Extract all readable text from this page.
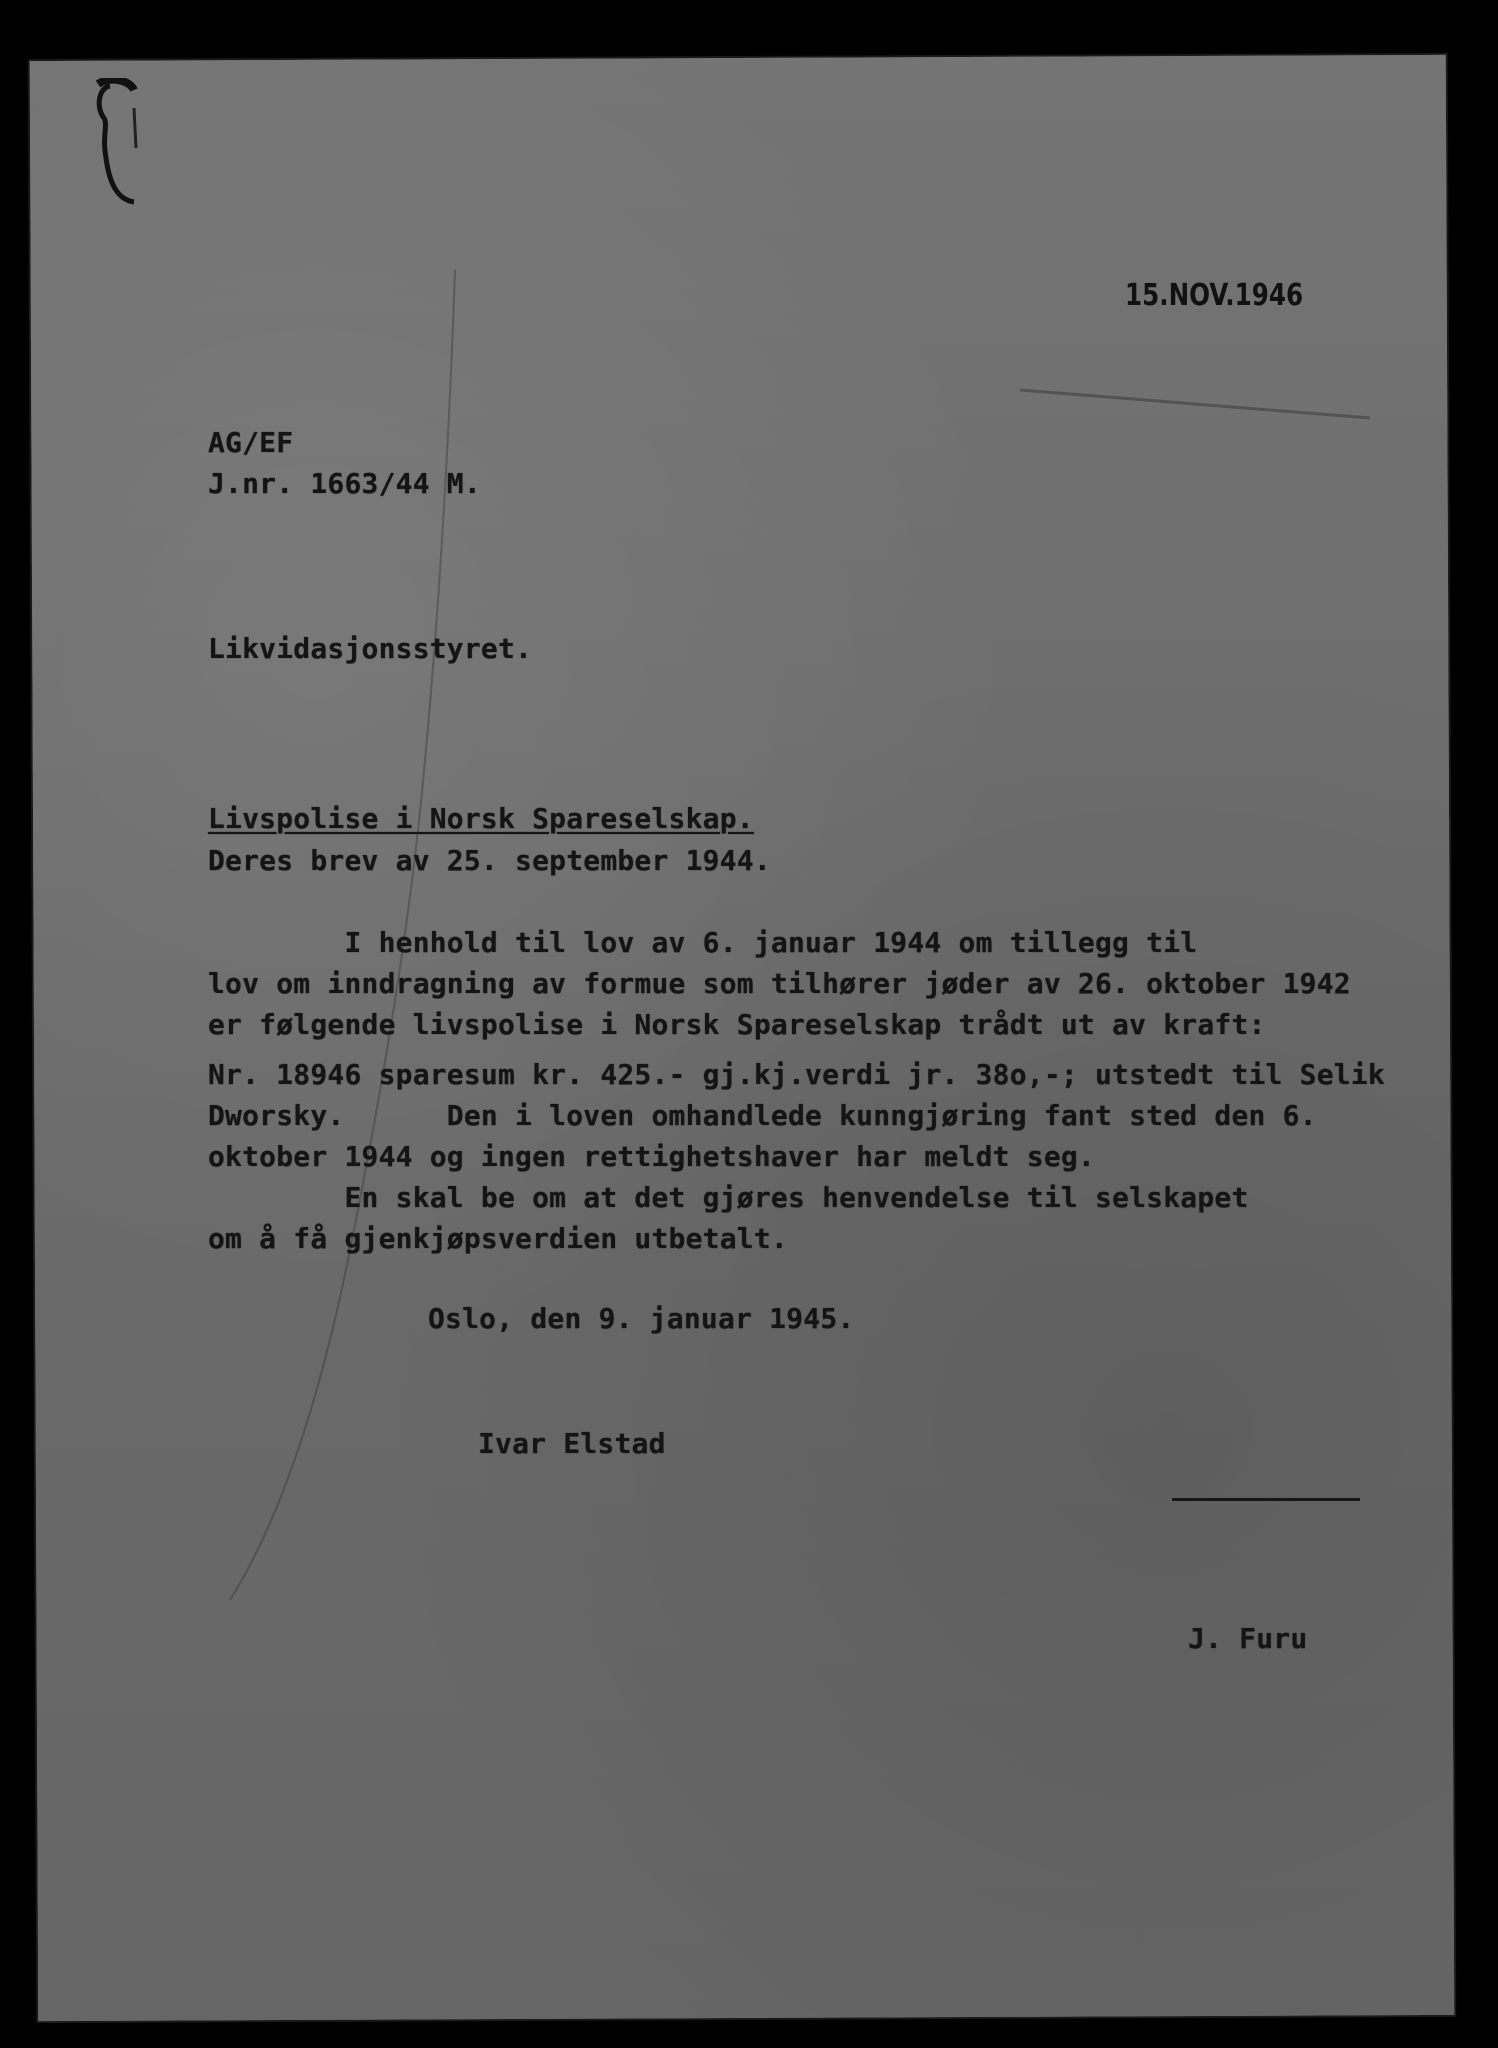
15.NOV.1946
AG/EF
J.nr. 1663/44 M.
Likvidasjonsstyret.
Livspolise i Norsk Spareselskap.
Deres brev av 25. september 1944.
I henhold til lov av 6. januar 1944 om tillegg til
lov om inndragning av formue som tilhører jøder av 26. oktober 1942
er følgende livspolise i Norsk Spareselskap trådt ut av kraft:
Nr. 18946 sparesum kr. 425.- gj.kj.verdi jr. 38o,-; utstedt til Selik
Dworsky.      Den i loven omhandlede kunngjøring fant sted den 6.
oktober 1944 og ingen rettighetshaver har meldt seg.
En skal be om at det gjøres henvendelse til selskapet
om å få gjenkjøpsverdien utbetalt.
Oslo, den 9. januar 1945.
Ivar Elstad
J. Furu
